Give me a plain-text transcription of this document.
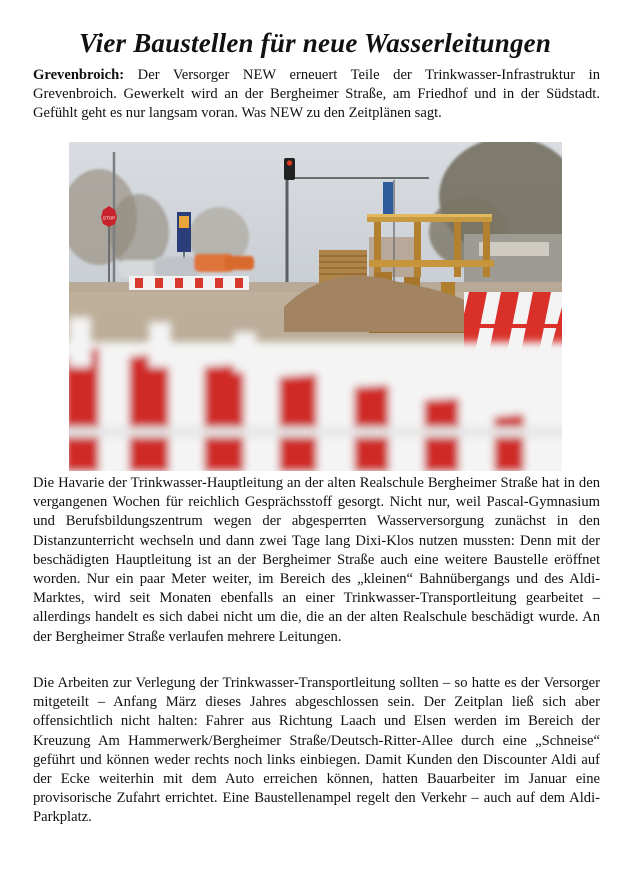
Vier Baustellen für neue Wasserleitungen

Grevenbroich: Der Versorger NEW erneuert Teile der Trinkwasser-Infrastruktur in Grevenbroich. Gewerkelt wird an der Bergheimer Straße, am Friedhof und in der Südstadt. Gefühlt geht es nur langsam voran. Was NEW zu den Zeitplänen sagt.

STOP

Die Havarie der Trinkwasser-Hauptleitung an der alten Realschule Bergheimer Straße hat in den vergangenen Wochen für reichlich Gesprächsstoff gesorgt. Nicht nur, weil Pascal-Gymnasium und Berufsbildungszentrum wegen der abgesperrten Wasserversorgung zunächst in den Distanzunterricht wechseln und dann zwei Tage lang Dixi-Klos nutzen mussten: Denn mit der beschädigten Hauptleitung ist an der Bergheimer Straße auch eine weitere Baustelle eröffnet worden. Nur ein paar Meter weiter, im Bereich des „kleinen“ Bahnübergangs und des Aldi-Marktes, wird seit Monaten ebenfalls an einer Trinkwasser-Transportleitung gearbeitet – allerdings handelt es sich dabei nicht um die, die an der alten Realschule beschädigt wurde. An der Bergheimer Straße verlaufen mehrere Leitungen.

Die Arbeiten zur Verlegung der Trinkwasser-Transportleitung sollten – so hatte es der Versorger mitgeteilt – Anfang März dieses Jahres abgeschlossen sein. Der Zeitplan ließ sich aber offensichtlich nicht halten: Fahrer aus Richtung Laach und Elsen werden im Bereich der Kreuzung Am Hammerwerk/Bergheimer Straße/Deutsch-Ritter-Allee durch eine „Schneise“ geführt und können weder rechts noch links einbiegen. Damit Kunden den Discounter Aldi auf der Ecke weiterhin mit dem Auto erreichen können, hatten Bauarbeiter im Januar eine provisorische Zufahrt errichtet. Eine Baustellenampel regelt den Verkehr – auch auf dem Aldi-Parkplatz.
